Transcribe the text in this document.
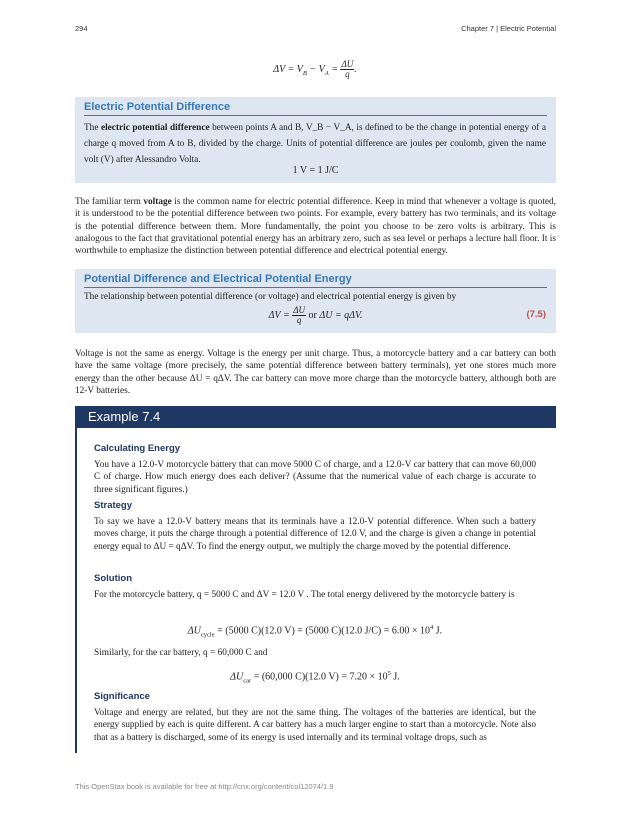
294	Chapter 7 | Electric Potential
$\Delta V = V_B - V_A = \frac{\Delta U}{q}$ .
Electric Potential Difference
The electric potential difference between points A and B, V_B − V_A, is defined to be the change in potential energy of a charge q moved from A to B, divided by the charge. Units of potential difference are joules per coulomb, given the name volt (V) after Alessandro Volta.
1 V = 1 J/C
The familiar term voltage is the common name for electric potential difference. Keep in mind that whenever a voltage is quoted, it is understood to be the potential difference between two points. For example, every battery has two terminals, and its voltage is the potential difference between them. More fundamentally, the point you choose to be zero volts is arbitrary. This is analogous to the fact that gravitational potential energy has an arbitrary zero, such as sea level or perhaps a lecture hall floor. It is worthwhile to emphasize the distinction between potential difference and electrical potential energy.
Potential Difference and Electrical Potential Energy
The relationship between potential difference (or voltage) and electrical potential energy is given by
$\Delta V = \frac{\Delta U}{q}$ or ΔU = qΔV.	(7.5)
Voltage is not the same as energy. Voltage is the energy per unit charge. Thus, a motorcycle battery and a car battery can both have the same voltage (more precisely, the same potential difference between battery terminals), yet one stores much more energy than the other because ΔU = qΔV. The car battery can move more charge than the motorcycle battery, although both are 12-V batteries.
Example 7.4
Calculating Energy
You have a 12.0-V motorcycle battery that can move 5000 C of charge, and a 12.0-V car battery that can move 60,000 C of charge. How much energy does each deliver? (Assume that the numerical value of each charge is accurate to three significant figures.)
Strategy
To say we have a 12.0-V battery means that its terminals have a 12.0-V potential difference. When such a battery moves charge, it puts the charge through a potential difference of 12.0 V, and the charge is given a change in potential energy equal to ΔU = qΔV. To find the energy output, we multiply the charge moved by the potential difference.
Solution
For the motorcycle battery, q = 5000 C and ΔV = 12.0 V . The total energy delivered by the motorcycle battery is
$\Delta U_{cycle} = (5000$ C)(12.0 V) = (5000 C)(12.0 $J/C) = 6.00 \times 10^4$ J.
Similarly, for the car battery, q = 60,000 C and
$\Delta U_{car} = (60,000$ C)(12.0 $V) = 7.20 \times 10^5$ J.
Significance
Voltage and energy are related, but they are not the same thing. The voltages of the batteries are identical, but the energy supplied by each is quite different. A car battery has a much larger engine to start than a motorcycle. Note also that as a battery is discharged, some of its energy is used internally and its terminal voltage drops, such as
This OpenStax book is available for free at http://cnx.org/content/col12074/1.9
